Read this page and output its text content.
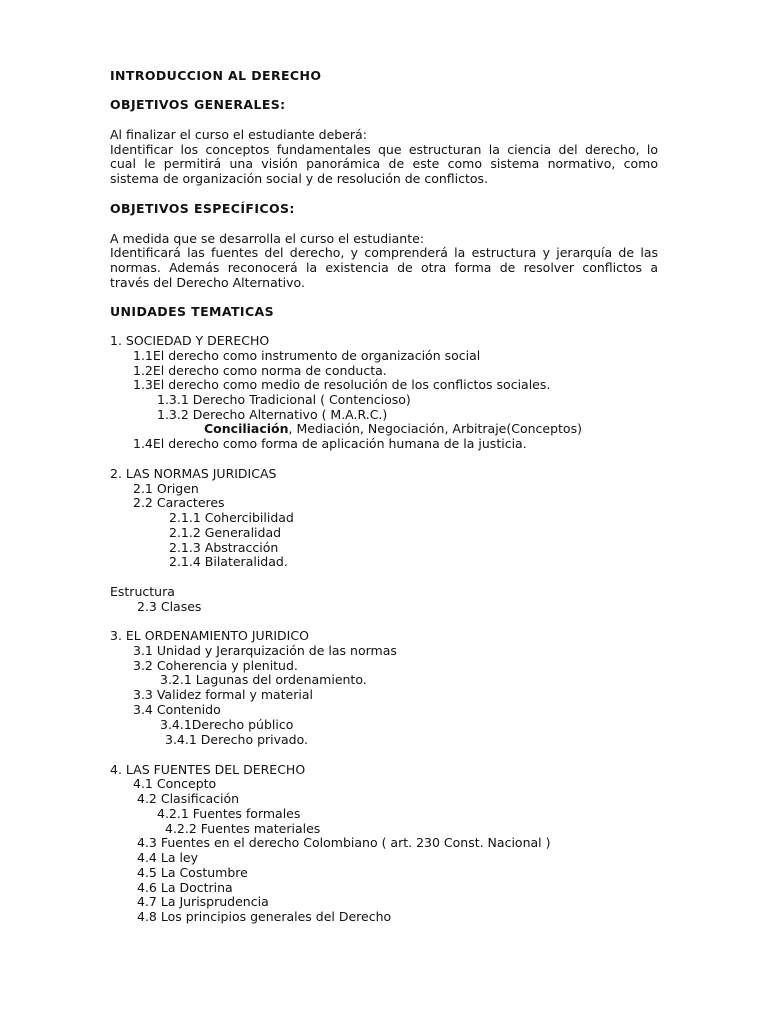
INTRODUCCION AL DERECHO
OBJETIVOS GENERALES:
Al finalizar el curso el estudiante deberá:
Identificar los conceptos fundamentales que estructuran la ciencia del derecho, lo
cual le permitirá una visión panorámica de este como sistema normativo, como
sistema de organización social y de resolución de conflictos.
OBJETIVOS ESPECÍFICOS:
A medida que se desarrolla el curso el estudiante:
Identificará las fuentes del derecho, y comprenderá la estructura y jerarquía de las
normas. Además reconocerá la existencia de otra forma de resolver conflictos a
través del Derecho Alternativo.
UNIDADES TEMATICAS
1. SOCIEDAD Y DERECHO
1.1El derecho como instrumento de organización social
1.2El derecho como norma de conducta.
1.3El derecho como medio de resolución de los conflictos sociales.
1.3.1 Derecho Tradicional ( Contencioso)
1.3.2 Derecho Alternativo ( M.A.R.C.)
Conciliación, Mediación, Negociación, Arbitraje(Conceptos)
1.4El derecho como forma de aplicación humana de la justicia.
2. LAS NORMAS JURIDICAS
2.1 Origen
2.2 Caracteres
2.1.1 Cohercibilidad
2.1.2 Generalidad
2.1.3 Abstracción
2.1.4 Bilateralidad.
Estructura
2.3 Clases
3. EL ORDENAMIENTO JURIDICO
3.1 Unidad y Jerarquización de las normas
3.2 Coherencia y plenitud.
3.2.1 Lagunas del ordenamiento.
3.3 Validez formal y material
3.4 Contenido
3.4.1Derecho público
3.4.1 Derecho privado.
4. LAS FUENTES DEL DERECHO
4.1 Concepto
4.2 Clasificación
4.2.1 Fuentes formales
4.2.2 Fuentes materiales
4.3 Fuentes en el derecho Colombiano ( art. 230 Const. Nacional )
4.4 La ley
4.5 La Costumbre
4.6 La Doctrina
4.7 La Jurisprudencia
4.8 Los principios generales del Derecho
